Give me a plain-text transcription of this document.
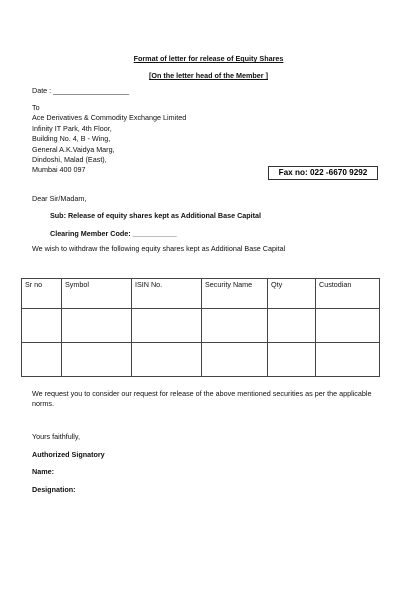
Format of letter for release of Equity Shares
[On the letter head of the Member ]
Date : ___________________
To
Ace Derivatives & Commodity Exchange Limited
Infinity IT Park, 4th Floor,
Building No. 4, B - Wing,
General A.K.Vaidya Marg,
Dindoshi, Malad (East),
Mumbai 400 097	Fax no: 022 -6670 9292
Dear Sir/Madam,
Sub: Release of equity shares kept as Additional Base Capital
Clearing Member Code: ___________
We wish to withdraw the following equity shares kept as Additional Base Capital
Sr no	Symbol	ISIN No.	Security Name	Qty	Custodian

We request you to consider our request for release of the above mentioned securities as per the applicable norms.
Yours faithfully,
Authorized Signatory
Name:
Designation:
